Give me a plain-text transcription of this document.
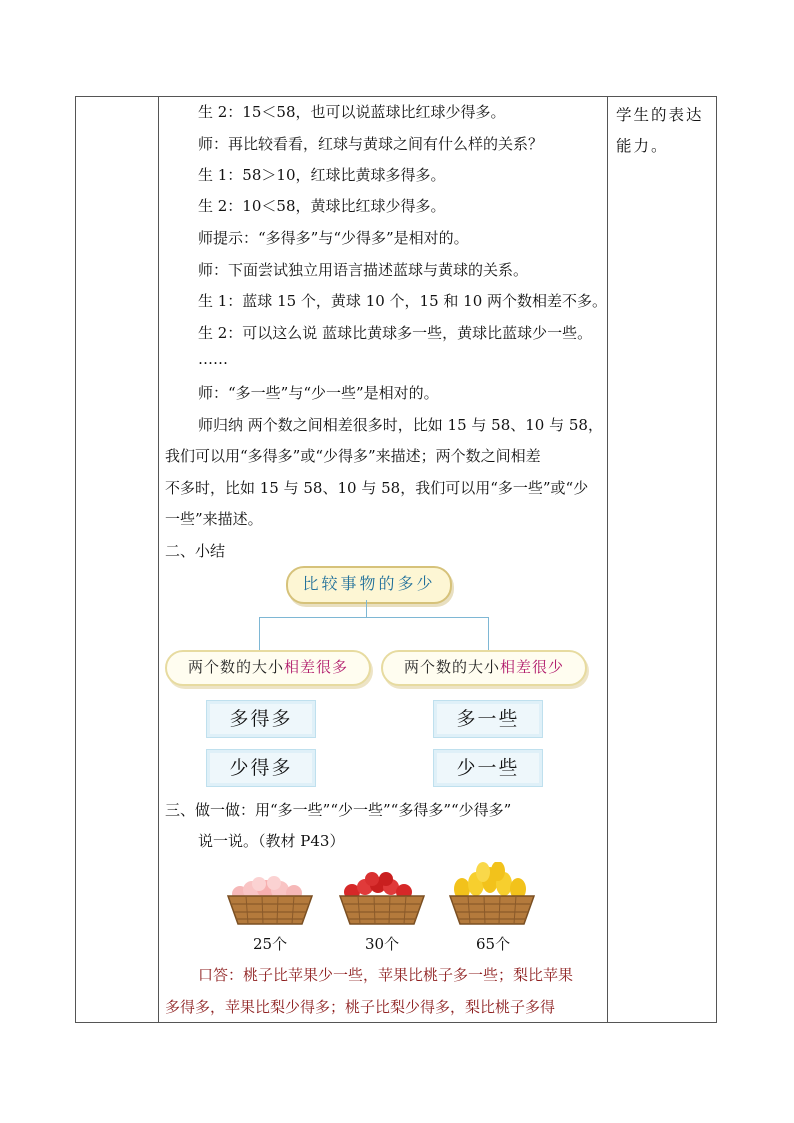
生 2：15＜58，也可以说蓝球比红球少得多。
师：再比较看看，红球与黄球之间有什么样的关系？
生 1：58＞10，红球比黄球多得多。
生 2：10＜58，黄球比红球少得多。
师提示：“多得多”与“少得多”是相对的。
师：下面尝试独立用语言描述蓝球与黄球的关系。
生 1：蓝球 15 个，黄球 10 个，15 和 10 两个数相差不多。
生 2：可以这么说 蓝球比黄球多一些，黄球比蓝球少一些。
……
师：“多一些”与“少一些”是相对的。
师归纳 两个数之间相差很多时，比如 15 与 58、10 与 58，
我们可以用“多得多”或“少得多”来描述；两个数之间相差
不多时，比如 15 与 58、10 与 58，我们可以用“多一些”或“少
一些”来描述。
二、小结
学生的表达
能力。
比较事物的多少
两个数的大小相差很多	两个数的大小相差很少
多得多
少得多
多一些
少一些
三、做一做：用“多一些”“少一些”“多得多”“少得多”
说一说。（教材 P43）
25个	30个	65个
口答：桃子比苹果少一些，苹果比桃子多一些；梨比苹果
多得多，苹果比梨少得多；桃子比梨少得多，梨比桃子多得
